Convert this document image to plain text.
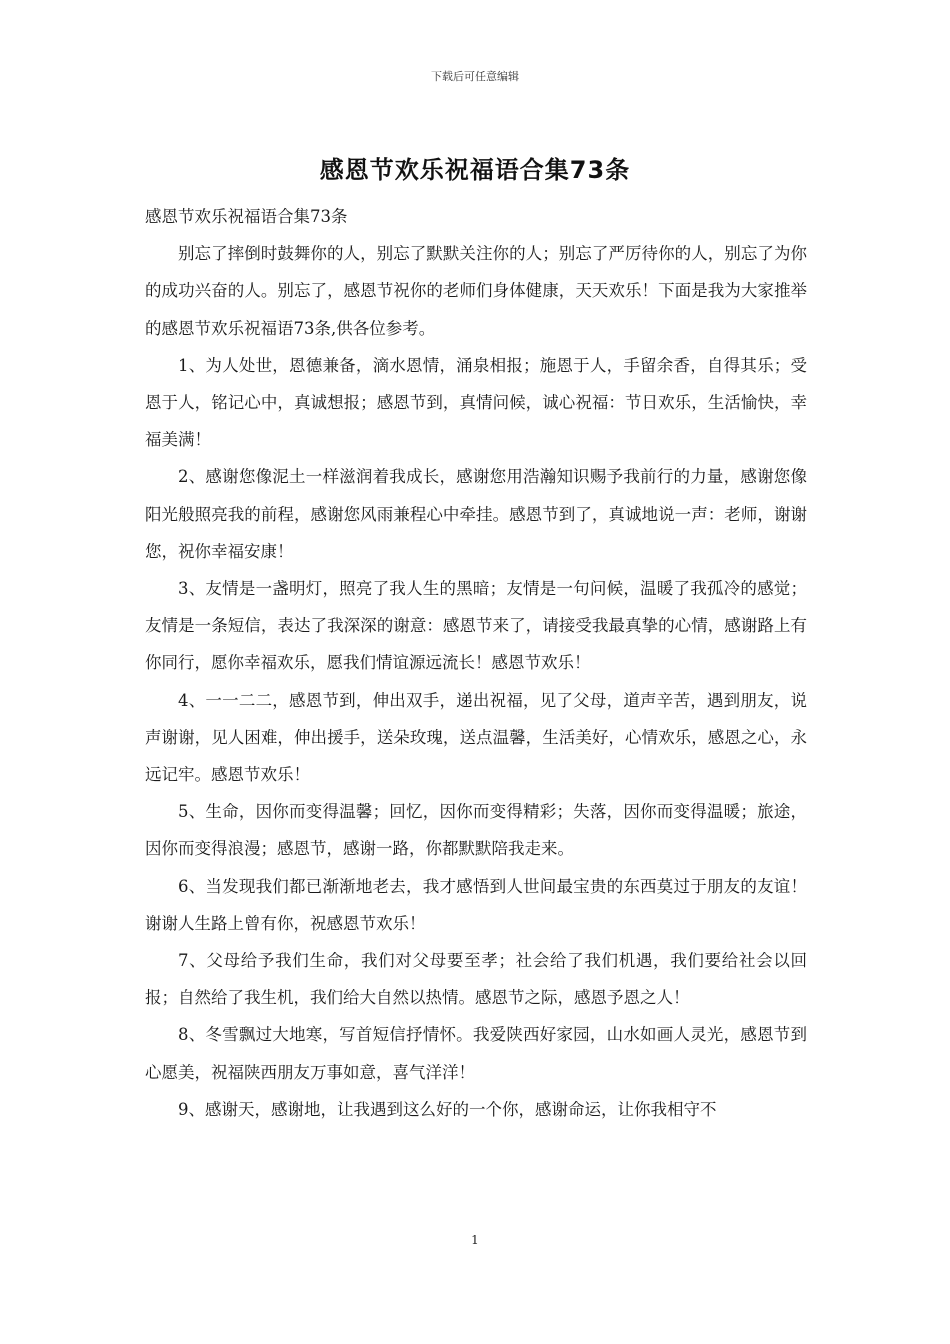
下载后可任意编辑
感恩节欢乐祝福语合集73条

感恩节欢乐祝福语合集73条

别忘了摔倒时鼓舞你的人，别忘了默默关注你的人；别忘了严厉待你的人，别忘了为你的成功兴奋的人。别忘了，感恩节祝你的老师们身体健康，天天欢乐！下面是我为大家推举的感恩节欢乐祝福语73条,供各位参考。

1、为人处世，恩德兼备，滴水恩情，涌泉相报；施恩于人，手留余香，自得其乐；受恩于人，铭记心中，真诚想报；感恩节到，真情问候，诚心祝福：节日欢乐，生活愉快，幸福美满！

2、感谢您像泥土一样滋润着我成长，感谢您用浩瀚知识赐予我前行的力量，感谢您像阳光般照亮我的前程，感谢您风雨兼程心中牵挂。感恩节到了，真诚地说一声：老师，谢谢您，祝你幸福安康！

3、友情是一盏明灯，照亮了我人生的黑暗；友情是一句问候，温暖了我孤冷的感觉；友情是一条短信，表达了我深深的谢意：感恩节来了，请接受我最真挚的心情，感谢路上有你同行，愿你幸福欢乐，愿我们情谊源远流长！感恩节欢乐！

4、一一二二，感恩节到，伸出双手，递出祝福，见了父母，道声辛苦，遇到朋友，说声谢谢，见人困难，伸出援手，送朵玫瑰，送点温馨，生活美好，心情欢乐，感恩之心，永远记牢。感恩节欢乐！

5、生命，因你而变得温馨；回忆，因你而变得精彩；失落，因你而变得温暖；旅途，因你而变得浪漫；感恩节，感谢一路，你都默默陪我走来。

6、当发现我们都已渐渐地老去，我才感悟到人世间最宝贵的东西莫过于朋友的友谊！谢谢人生路上曾有你，祝感恩节欢乐！

7、父母给予我们生命，我们对父母要至孝；社会给了我们机遇，我们要给社会以回报；自然给了我生机，我们给大自然以热情。感恩节之际，感恩予恩之人！

8、冬雪飘过大地寒，写首短信抒情怀。我爱陕西好家园，山水如画人灵光，感恩节到心愿美，祝福陕西朋友万事如意，喜气洋洋！

9、感谢天，感谢地，让我遇到这么好的一个你，感谢命运，让你我相守不

1
